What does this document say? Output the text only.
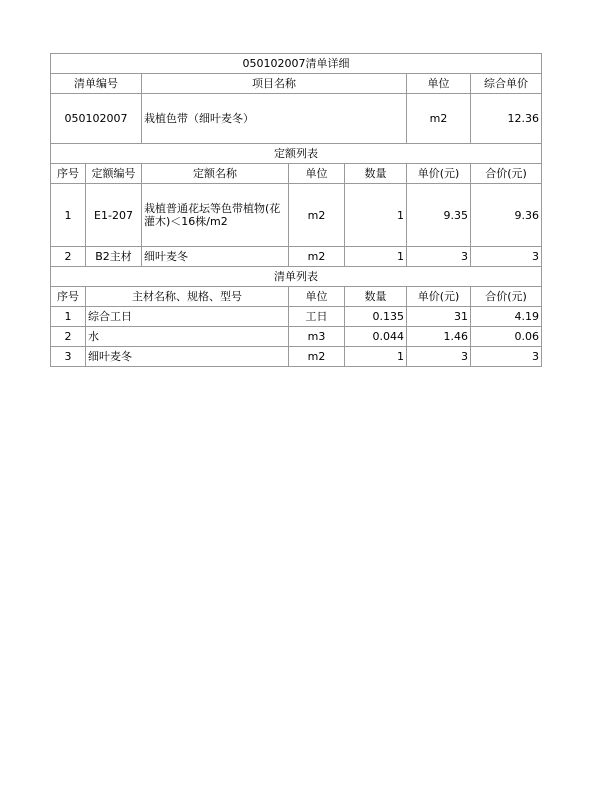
050102007清单详细						
清单编号		项目名称			单位	综合单价
050102007		栽植色带（细叶麦冬）			m2	12.36
定额列表						
序号	定额编号	定额名称	单位	数量	单价(元)	合价(元)
1	E1-207	栽植普通花坛等色带植物(花灌木)＜16株/m2	m2	1	9.35	9.36
2	B2主材	细叶麦冬	m2	1	3	3
清单列表						
序号	主材名称、规格、型号		单位	数量	单价(元)	合价(元)
1	综合工日		工日	0.135	31	4.19
2	水		m3	0.044	1.46	0.06
3	细叶麦冬		m2	1	3	3
